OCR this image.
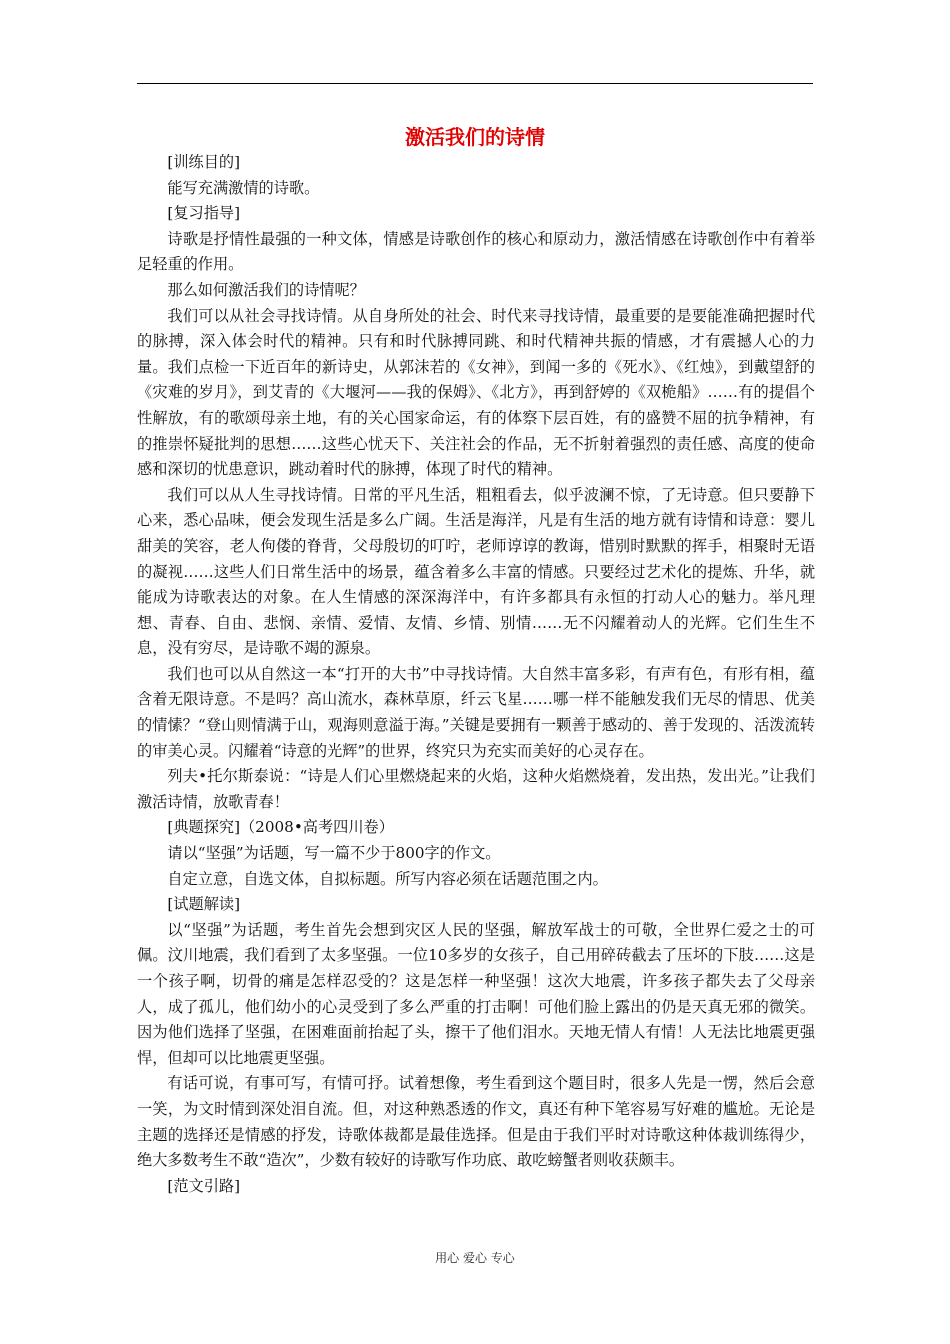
激活我们的诗情

[训练目的]

能写充满激情的诗歌。

[复习指导]

诗歌是抒情性最强的一种文体，情感是诗歌创作的核心和原动力，激活情感在诗歌创作中有着举足轻重的作用。

那么如何激活我们的诗情呢？

我们可以从社会寻找诗情。从自身所处的社会、时代来寻找诗情，最重要的是要能准确把握时代的脉搏，深入体会时代的精神。只有和时代脉搏同跳、和时代精神共振的情感，才有震撼人心的力量。我们点检一下近百年的新诗史，从郭沫若的《女神》，到闻一多的《死水》、《红烛》，到戴望舒的《灾难的岁月》，到艾青的《大堰河——我的保姆》、《北方》，再到舒婷的《双桅船》……有的提倡个性解放，有的歌颂母亲土地，有的关心国家命运，有的体察下层百姓，有的盛赞不屈的抗争精神，有的推崇怀疑批判的思想……这些心忧天下、关注社会的作品，无不折射着强烈的责任感、高度的使命感和深切的忧患意识，跳动着时代的脉搏，体现了时代的精神。

我们可以从人生寻找诗情。日常的平凡生活，粗粗看去，似乎波澜不惊，了无诗意。但只要静下心来，悉心品味，便会发现生活是多么广阔。生活是海洋，凡是有生活的地方就有诗情和诗意：婴儿甜美的笑容，老人佝偻的脊背，父母殷切的叮咛，老师谆谆的教诲，惜别时默默的挥手，相聚时无语的凝视……这些人们日常生活中的场景，蕴含着多么丰富的情感。只要经过艺术化的提炼、升华，就能成为诗歌表达的对象。在人生情感的深深海洋中，有许多都具有永恒的打动人心的魅力。举凡理想、青春、自由、悲悯、亲情、爱情、友情、乡情、别情……无不闪耀着动人的光辉。它们生生不息，没有穷尽，是诗歌不竭的源泉。

我们也可以从自然这一本“打开的大书”中寻找诗情。大自然丰富多彩，有声有色，有形有相，蕴含着无限诗意。不是吗？高山流水，森林草原，纤云飞星……哪一样不能触发我们无尽的情思、优美的情愫？“登山则情满于山，观海则意溢于海。”关键是要拥有一颗善于感动的、善于发现的、活泼流转的审美心灵。闪耀着“诗意的光辉”的世界，终究只为充实而美好的心灵存在。

列夫•托尔斯泰说：“诗是人们心里燃烧起来的火焰，这种火焰燃烧着，发出热，发出光。”让我们激活诗情，放歌青春！

[典题探究]（2008•高考四川卷）

请以“坚强”为话题，写一篇不少于800字的作文。

自定立意，自选文体，自拟标题。所写内容必须在话题范围之内。

[试题解读]

以“坚强”为话题，考生首先会想到灾区人民的坚强，解放军战士的可敬，全世界仁爱之士的可佩。汶川地震，我们看到了太多坚强。一位10多岁的女孩子，自己用碎砖截去了压坏的下肢……这是一个孩子啊，切骨的痛是怎样忍受的？这是怎样一种坚强！这次大地震，许多孩子都失去了父母亲人，成了孤儿，他们幼小的心灵受到了多么严重的打击啊！可他们脸上露出的仍是天真无邪的微笑。因为他们选择了坚强，在困难面前抬起了头，擦干了他们泪水。天地无情人有情！人无法比地震更强悍，但却可以比地震更坚强。

有话可说，有事可写，有情可抒。试着想像，考生看到这个题目时，很多人先是一愣，然后会意一笑，为文时情到深处泪自流。但，对这种熟悉透的作文，真还有种下笔容易写好难的尴尬。无论是主题的选择还是情感的抒发，诗歌体裁都是最佳选择。但是由于我们平时对诗歌这种体裁训练得少，绝大多数考生不敢“造次”，少数有较好的诗歌写作功底、敢吃螃蟹者则收获颇丰。

[范文引路]

用心 爱心 专心
